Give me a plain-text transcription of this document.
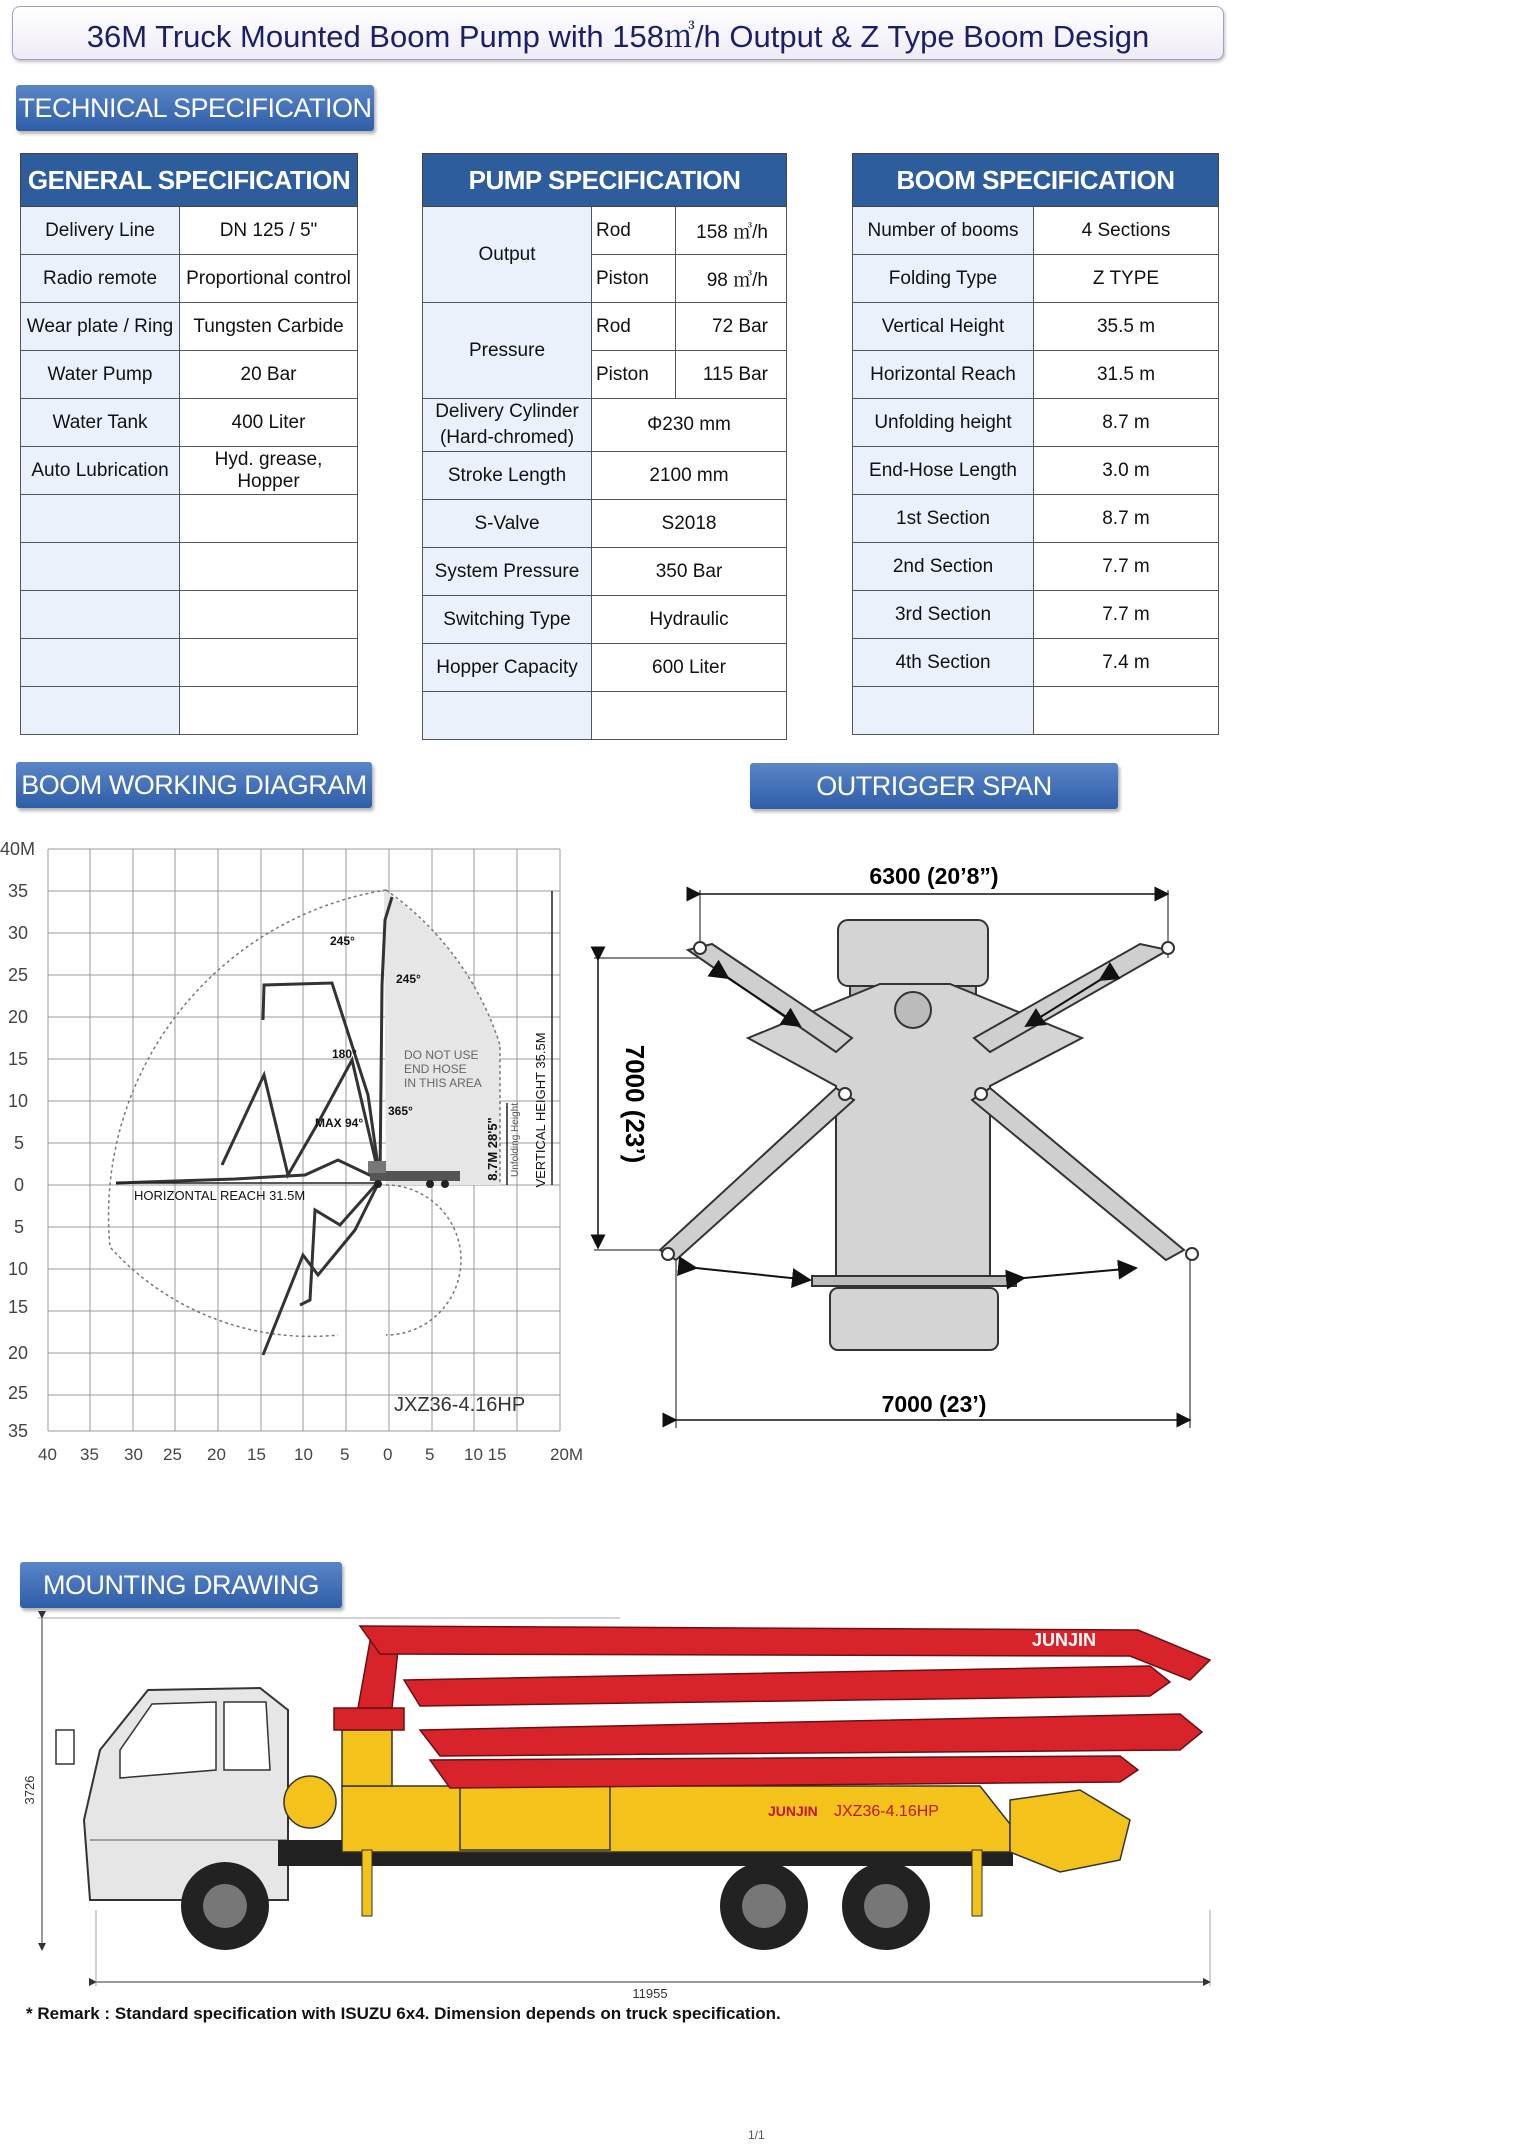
36M Truck Mounted Boom Pump with 158㎥/h Output & Z Type Boom Design
TECHNICAL SPECIFICATION
GENERAL SPECIFICATION	
Delivery Line	DN 125 / 5"
Radio remote	Proportional control
Wear plate / Ring	Tungsten Carbide
Water Pump	20 Bar
Water Tank	400 Liter
Auto Lubrication	Hyd. grease, Hopper

PUMP SPECIFICATION		
Output	Rod	158 ㎥/h
	Piston	98 ㎥/h
Pressure	Rod	72 Bar
	Piston	115 Bar
Delivery Cylinder
(Hard-chromed)	Φ230 mm	
Stroke Length	2100 mm	
S-Valve	S2018	
System Pressure	350 Bar	
Switching Type	Hydraulic	
Hopper Capacity	600 Liter	

BOOM SPECIFICATION	
Number of booms	4 Sections
Folding Type	Z TYPE
Vertical Height	35.5 m
Horizontal Reach	31.5 m
Unfolding height	8.7 m
End-Hose Length	3.0 m
1st Section	8.7 m
2nd Section	7.7 m
3rd Section	7.7 m
4th Section	7.4 m

BOOM WORKING DIAGRAM	OUTRIGGER SPAN
MOUNTING DRAWING
HORIZONTAL REACH 31.5M
VERTICAL HEIGHT 35.5M
8.7M 28'5" Unfolding Height
DO NOT USE
END HOSE
IN THIS AREA
245°
245°
180°
365°
MAX 94°
JXZ36-4.16HP
40M
35
30
25
20
15
10
5
0
5
10
15
20
25
35
40 35 30 25 20 15 10 5 0 5 10 15	20M
6300 (20’8”)
7000 (23’)
7000 (23’)
3726
11955
JUNJIN
JUNJIN JXZ36-4.16HP
* Remark : Standard specification with ISUZU 6x4. Dimension depends on truck specification.
1/1
